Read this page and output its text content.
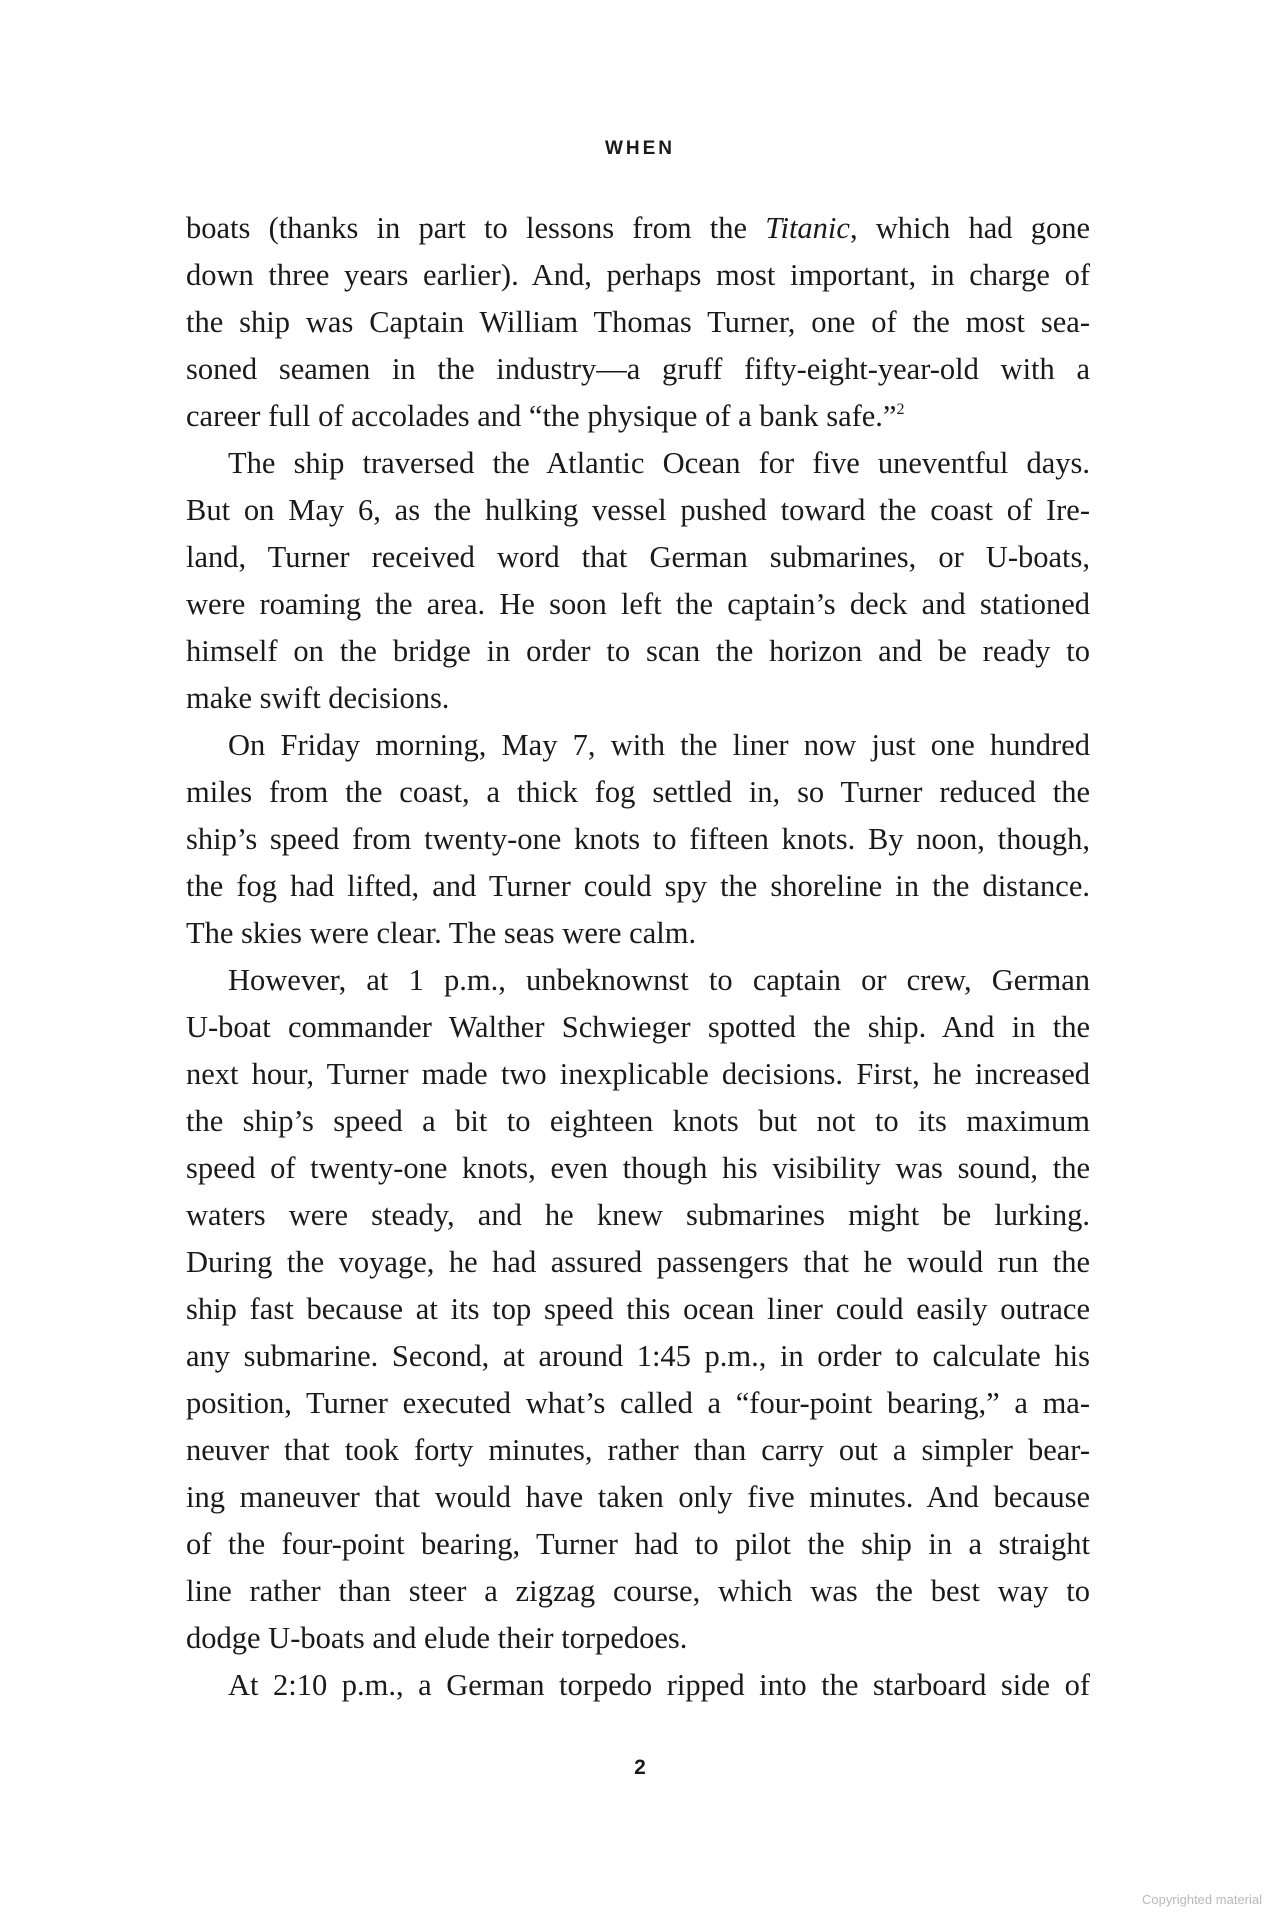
WHEN
boats (thanks in part to lessons from the Titanic, which had gone
down three years earlier). And, perhaps most important, in charge of
the ship was Captain William Thomas Turner, one of the most sea-
soned seamen in the industry—a gruff fifty-eight-year-old with a
career full of accolades and “the physique of a bank safe.”$^2$
The ship traversed the Atlantic Ocean for five uneventful days.
But on May 6, as the hulking vessel pushed toward the coast of Ire-
land, Turner received word that German submarines, or U-boats,
were roaming the area. He soon left the captain’s deck and stationed
himself on the bridge in order to scan the horizon and be ready to
make swift decisions.
On Friday morning, May 7, with the liner now just one hundred
miles from the coast, a thick fog settled in, so Turner reduced the
ship’s speed from twenty-one knots to fifteen knots. By noon, though,
the fog had lifted, and Turner could spy the shoreline in the distance.
The skies were clear. The seas were calm.
However, at 1 p.m., unbeknownst to captain or crew, German
U-boat commander Walther Schwieger spotted the ship. And in the
next hour, Turner made two inexplicable decisions. First, he increased
the ship’s speed a bit to eighteen knots but not to its maximum
speed of twenty-one knots, even though his visibility was sound, the
waters were steady, and he knew submarines might be lurking.
During the voyage, he had assured passengers that he would run the
ship fast because at its top speed this ocean liner could easily outrace
any submarine. Second, at around 1:45 p.m., in order to calculate his
position, Turner executed what’s called a “four-point bearing,” a ma-
neuver that took forty minutes, rather than carry out a simpler bear-
ing maneuver that would have taken only five minutes. And because
of the four-point bearing, Turner had to pilot the ship in a straight
line rather than steer a zigzag course, which was the best way to
dodge U-boats and elude their torpedoes.
At 2:10 p.m., a German torpedo ripped into the starboard side of
2
Copyrighted material
